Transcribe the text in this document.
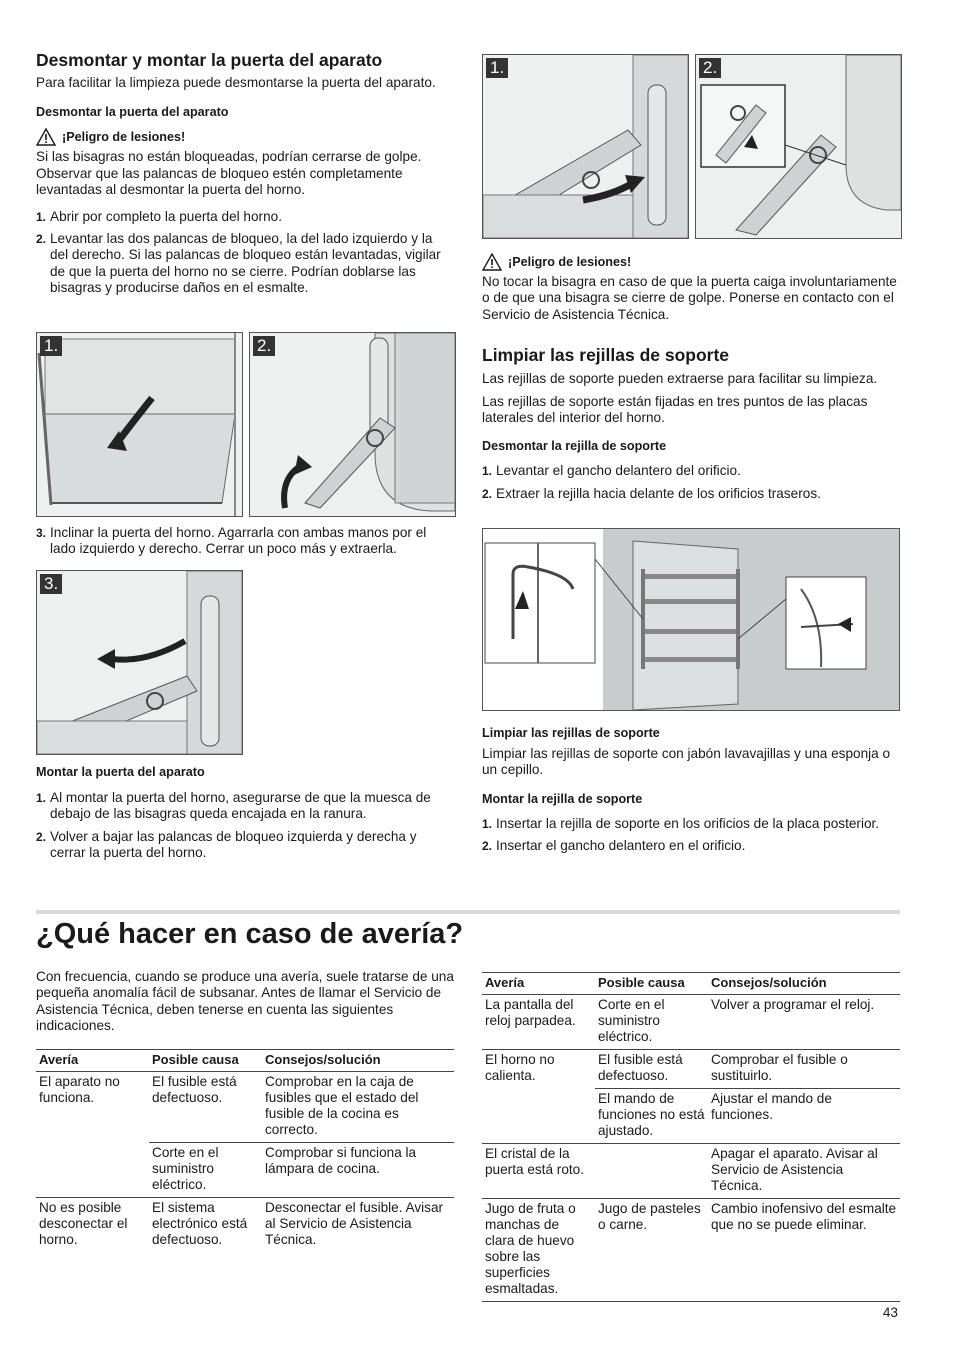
Desmontar y montar la puerta del aparato

Para facilitar la limpieza puede desmontarse la puerta del aparato.

Desmontar la puerta del aparato

¡Peligro de lesiones!

Si las bisagras no están bloqueadas, podrían cerrarse de golpe. Observar que las palancas de bloqueo estén completamente levantadas al desmontar la puerta del horno.

1. Abrir por completo la puerta del horno.
2. Levantar las dos palancas de bloqueo, la del lado izquierdo y la del derecho. Si las palancas de bloqueo están levantadas, vigilar de que la puerta del horno no se cierre. Podrían doblarse las bisagras y producirse daños en el esmalte.
1.	2.
3. Inclinar la puerta del horno. Agarrarla con ambas manos por el lado izquierdo y derecho. Cerrar un poco más y extraerla.
3.

Montar la puerta del aparato

1. Al montar la puerta del horno, asegurarse de que la muesca de debajo de las bisagras queda encajada en la ranura.
2. Volver a bajar las palancas de bloqueo izquierda y derecha y cerrar la puerta del horno.
1.	2.
¡Peligro de lesiones!

No tocar la bisagra en caso de que la puerta caiga involuntariamente o de que una bisagra se cierre de golpe. Ponerse en contacto con el Servicio de Asistencia Técnica.

Limpiar las rejillas de soporte

Las rejillas de soporte pueden extraerse para facilitar su limpieza.

Las rejillas de soporte están fijadas en tres puntos de las placas laterales del interior del horno.

Desmontar la rejilla de soporte

1. Levantar el gancho delantero del orificio.
2. Extraer la rejilla hacia delante de los orificios traseros.

Limpiar las rejillas de soporte

Limpiar las rejillas de soporte con jabón lavavajillas y una esponja o un cepillo.

Montar la rejilla de soporte

1. Insertar la rejilla de soporte en los orificios de la placa posterior.
2. Insertar el gancho delantero en el orificio.
¿Qué hacer en caso de avería?

Con frecuencia, cuando se produce una avería, suele tratarse de una pequeña anomalía fácil de subsanar. Antes de llamar el Servicio de Asistencia Técnica, deben tenerse en cuenta las siguientes indicaciones.

Avería	Posible causa	Consejos/solución
El aparato no funciona.	El fusible está defectuoso.	Comprobar en la caja de fusibles que el estado del fusible de la cocina es correcto.
	Corte en el suministro eléctrico.	Comprobar si funciona la lámpara de cocina.
No es posible desconectar el horno.	El sistema electrónico está defectuoso.	Desconectar el fusible. Avisar al Servicio de Asistencia Técnica.
Avería	Posible causa	Consejos/solución
La pantalla del reloj parpadea.	Corte en el suministro eléctrico.	Volver a programar el reloj.
El horno no calienta.	El fusible está defectuoso.	Comprobar el fusible o sustituirlo.
	El mando de funciones no está ajustado.	Ajustar el mando de funciones.
El cristal de la puerta está roto.		Apagar el aparato. Avisar al Servicio de Asistencia Técnica.
Jugo de fruta o manchas de clara de huevo sobre las superficies esmaltadas.	Jugo de pasteles o carne.	Cambio inofensivo del esmalte que no se puede eliminar.
43
